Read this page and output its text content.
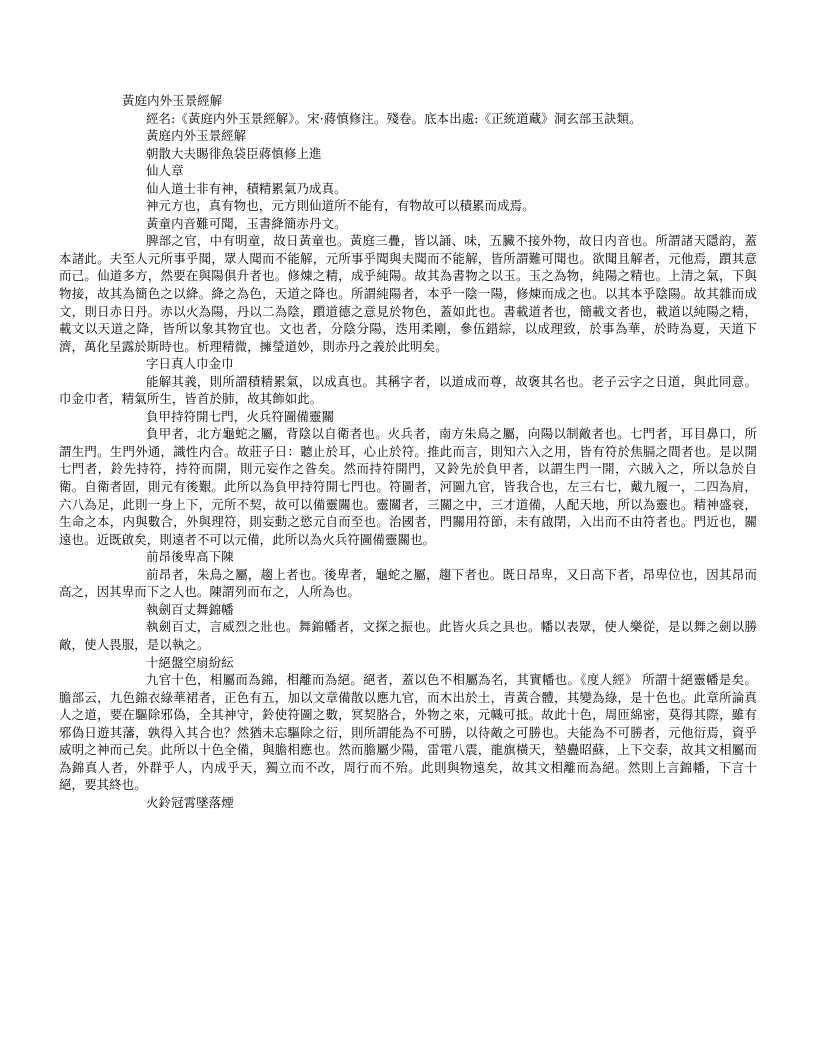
黃庭内外玉景經解

經名:《黃庭内外玉景經解》。宋·蔣慎修注。殘卷。底本出處:《正統道藏》洞玄部玉訣類。

黃庭内外玉景經解

朝散大夫賜徘魚袋臣蔣慎修上進

仙人章

仙人道士非有神，積精累氣乃成真。

神元方也，真有物也，元方則仙道所不能有，有物故可以積累而成焉。

黃童内音難可聞，玉書絳簡赤丹文。

脾部之官，中有明童，故日黃童也。黃庭三疊，皆以誦、味，五臟不接外物，故日内音也。所謂諸天隱韵，蓋本諸此。夫至人元所事乎聞，眾人聞而不能解，元所事乎聞與夫聞而不能解，皆所謂難可聞也。欲聞且解者，元他焉，躓其意而己。仙道多方，然要在與陽俱升者也。修煉之精，成乎純陽。故其為書物之以玉。玉之為物，純陽之精也。上清之氣，下與物接，故其為簡色之以絳。絳之為色，天道之降也。所謂純陽者，本乎一陰一陽，修煉而成之也。以其本乎陰陽。故其雜而成文，則日赤日丹。赤以火為陽，丹以二為陰，躓道德之意見於物色，蓋如此也。書載道者也，簡載文者也，載道以純陽之精，載文以天道之降，皆所以象其物宜也。文也者，分陰分陽，迭用柔剛，參伍錯綜，以成理致，於事為華，於時為夏，天道下濟，萬化呈露於斯時也。析理精微，擁瑩道妙，則赤丹之義於此明矣。

字日真人巾金巾

能解其義，則所謂積精累氣，以成真也。其稱字者，以道成而尊，故褒其名也。老子云字之日道，與此同意。巾金巾者，精氣所生，皆首於肺，故其飾如此。

負甲持符開七門，火兵符圖備靈關

負甲者，北方龜蛇之屬，背陰以自衛者也。火兵者，南方朱鳥之屬，向陽以制敵者也。七門者，耳目鼻口，所謂生門。生門外通，識性内合。故莊子日：聽止於耳，心止於符。推此而言，則知六入之用，皆有符於焦膈之間者也。是以開七門者，鈴先持符，持符而開，則元妄作之昝矣。然而持符開門，又鈴先於負甲者，以謂生門一開，六賊入之，所以急於自衛。自衛者固，則元有後艱。此所以為負甲持符開七門也。符圖者，河圖九官，皆我合也，左三右七，戴九履一，二四為肩，六八為足，此則一身上下，元所不契，故可以備靈關也。靈關者，三關之中，三才道備，人配天地，所以為靈也。精神盛衰，生命之本，内與數合，外與理符，則妄動之慾元自而至也。治國者，門關用符節，未有啟閉，入出而不由符者也。門近也，關遠也。近既啟矣，則遠者不可以元備，此所以為火兵符圖備靈關也。

前昂後卑高下陳

前昂者，朱鳥之屬，趨上者也。後卑者，龜蛇之屬，趨下者也。既日昂卑，又日高下者，昂卑位也，因其昂而高之，因其卑而下之人也。陳謂列而布之，人所為也。

執劍百丈舞錦幡

執劍百丈，言威烈之壯也。舞錦幡者，文探之振也。此皆火兵之具也。幡以表眾，使人樂從，是以舞之劍以勝敵，使人畏服，是以執之。

十絕盤空扇紛紜

九官十色，相屬而為錦，相離而為絕。絕者，蓋以色不相屬為名，其實幡也。《度人經》 所謂十絕靈幡是矣。膽部云，九色錦衣綠華裙者，正色有五，加以文章備散以應九官，而木出於土，青黃合體，其變為綠，是十色也。此章所論真人之道，要在驅除邪偽，全其神守，鈴使符圖之數，冥契胳合，外物之來，元幟可抵。故此十色，周匝綿密，莫得其際，雖有邪偽日遊其藩，孰得入其合也？然猶未忘驅除之衍，則所謂能為不可勝，以待敵之可勝也。夫能為不可勝者，元他衍焉，資乎威明之神而己矣。此所以十色全備，與膽相應也。然而膽屬少陽，雷電八震，龍旗橫天，墊蠱昭蘇，上下交泰，故其文相屬而為錦真人者，外群乎人，内成乎天，獨立而不改，周行而不殆。此則與物遠矣，故其文相離而為絕。然則上言錦幡，下言十絕，要其終也。

火鈴冠霄墜落煙
